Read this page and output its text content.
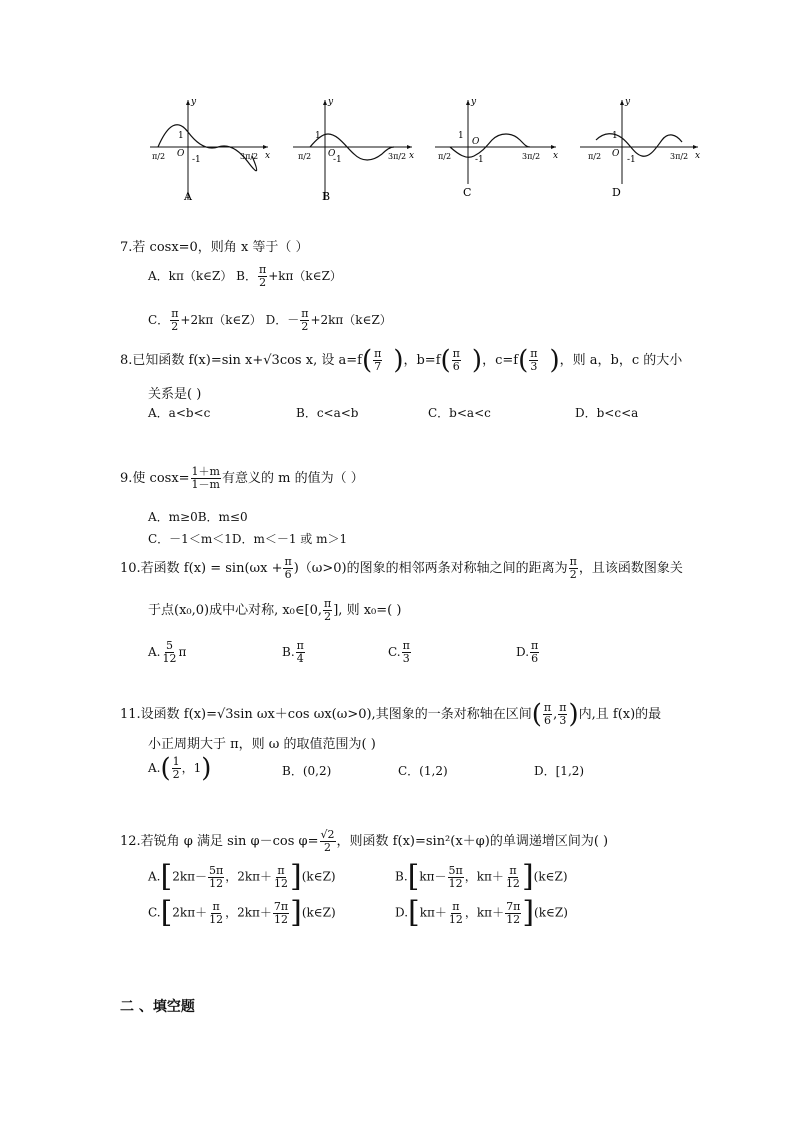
y
x
1
O
-1
π/2	3π/2
A
y
x
1
O
-1
π/2	3π/2
B
y
x
1
O
-1
π/2	3π/2
C
y
x
1
O
-1
π/2	3π/2
D
7.若 cosx=0，则角 x 等于（ ）
A．kπ（k∈Z） B． $\frac{\pi}{2}$ +kπ（k∈Z）
C． $\frac{\pi}{2}$ +2kπ（k∈Z） D．－ $\frac{\pi}{2}$ +2kπ（k∈Z）
8.已知函数 f(x)=sin x+√3cos x, 设 $a=f( \frac{\pi}{7}$ )，$b=f( \frac{\pi}{6}$ )，$c=f( \frac{\pi}{3}$ )，则 a，b，c 的大小
关系是( )
A．a<b<c	B．c<a<b	C．b<a<c	D．b<c<a
9.使 $\cos x= \frac{1+m}{1-m}$ 有意义的 m 的值为（ ）
A．m≥0B．m≤0
C．－1＜m＜1D．m＜－1 或 m＞1
10.若函数 $f(x) = \sin(\omega x + \frac{\pi}{6} )(\omega>0)$的图象的相邻两条对称轴之间的距离为 $\frac{\pi}{2}$ ，且该函数图象关
于点(x₀,0)成中心对称, x₀∈[0, $\frac{\pi}{2}$ ], 则 x₀=( )
A. $\frac{5}{12}$ π	B. $\frac{\pi}{4}$	C. $\frac{\pi}{3}$	D. $\frac{\pi}{6}$
11.设函数 f(x)=√3sin ωx＋cos ωx(ω>0),其图象的一条对称轴在区间( $\frac{\pi}{6}$ , $\frac{\pi}{3}$ )内,且 f(x)的最
小正周期大于 π，则 ω 的取值范围为( )
$A.( \frac{1}{2}$ ，1)	B．(0,2)	C．(1,2)	D．[1,2)
12.若锐角 φ 满足 sin φ－cos $\varphi= \frac{√2}{2}$ ，则函数 f(x)=sin²(x＋φ)的单调递增区间为( )
$A.[2k\pi- \frac{5\pi}{12}$ ，$2k\pi+ \frac{\pi}{12}$ ](k∈Z)	$B.[k\pi- \frac{5\pi}{12}$ ，$k\pi+ \frac{\pi}{12}$ ](k∈Z)
$C.[2k\pi+ \frac{\pi}{12}$ ，$2k\pi+ \frac{7\pi}{12}$ ](k∈Z)	$D.[k\pi+ \frac{\pi}{12}$ ，$k\pi+ \frac{7\pi}{12}$ ](k∈Z)
二 、填空题
